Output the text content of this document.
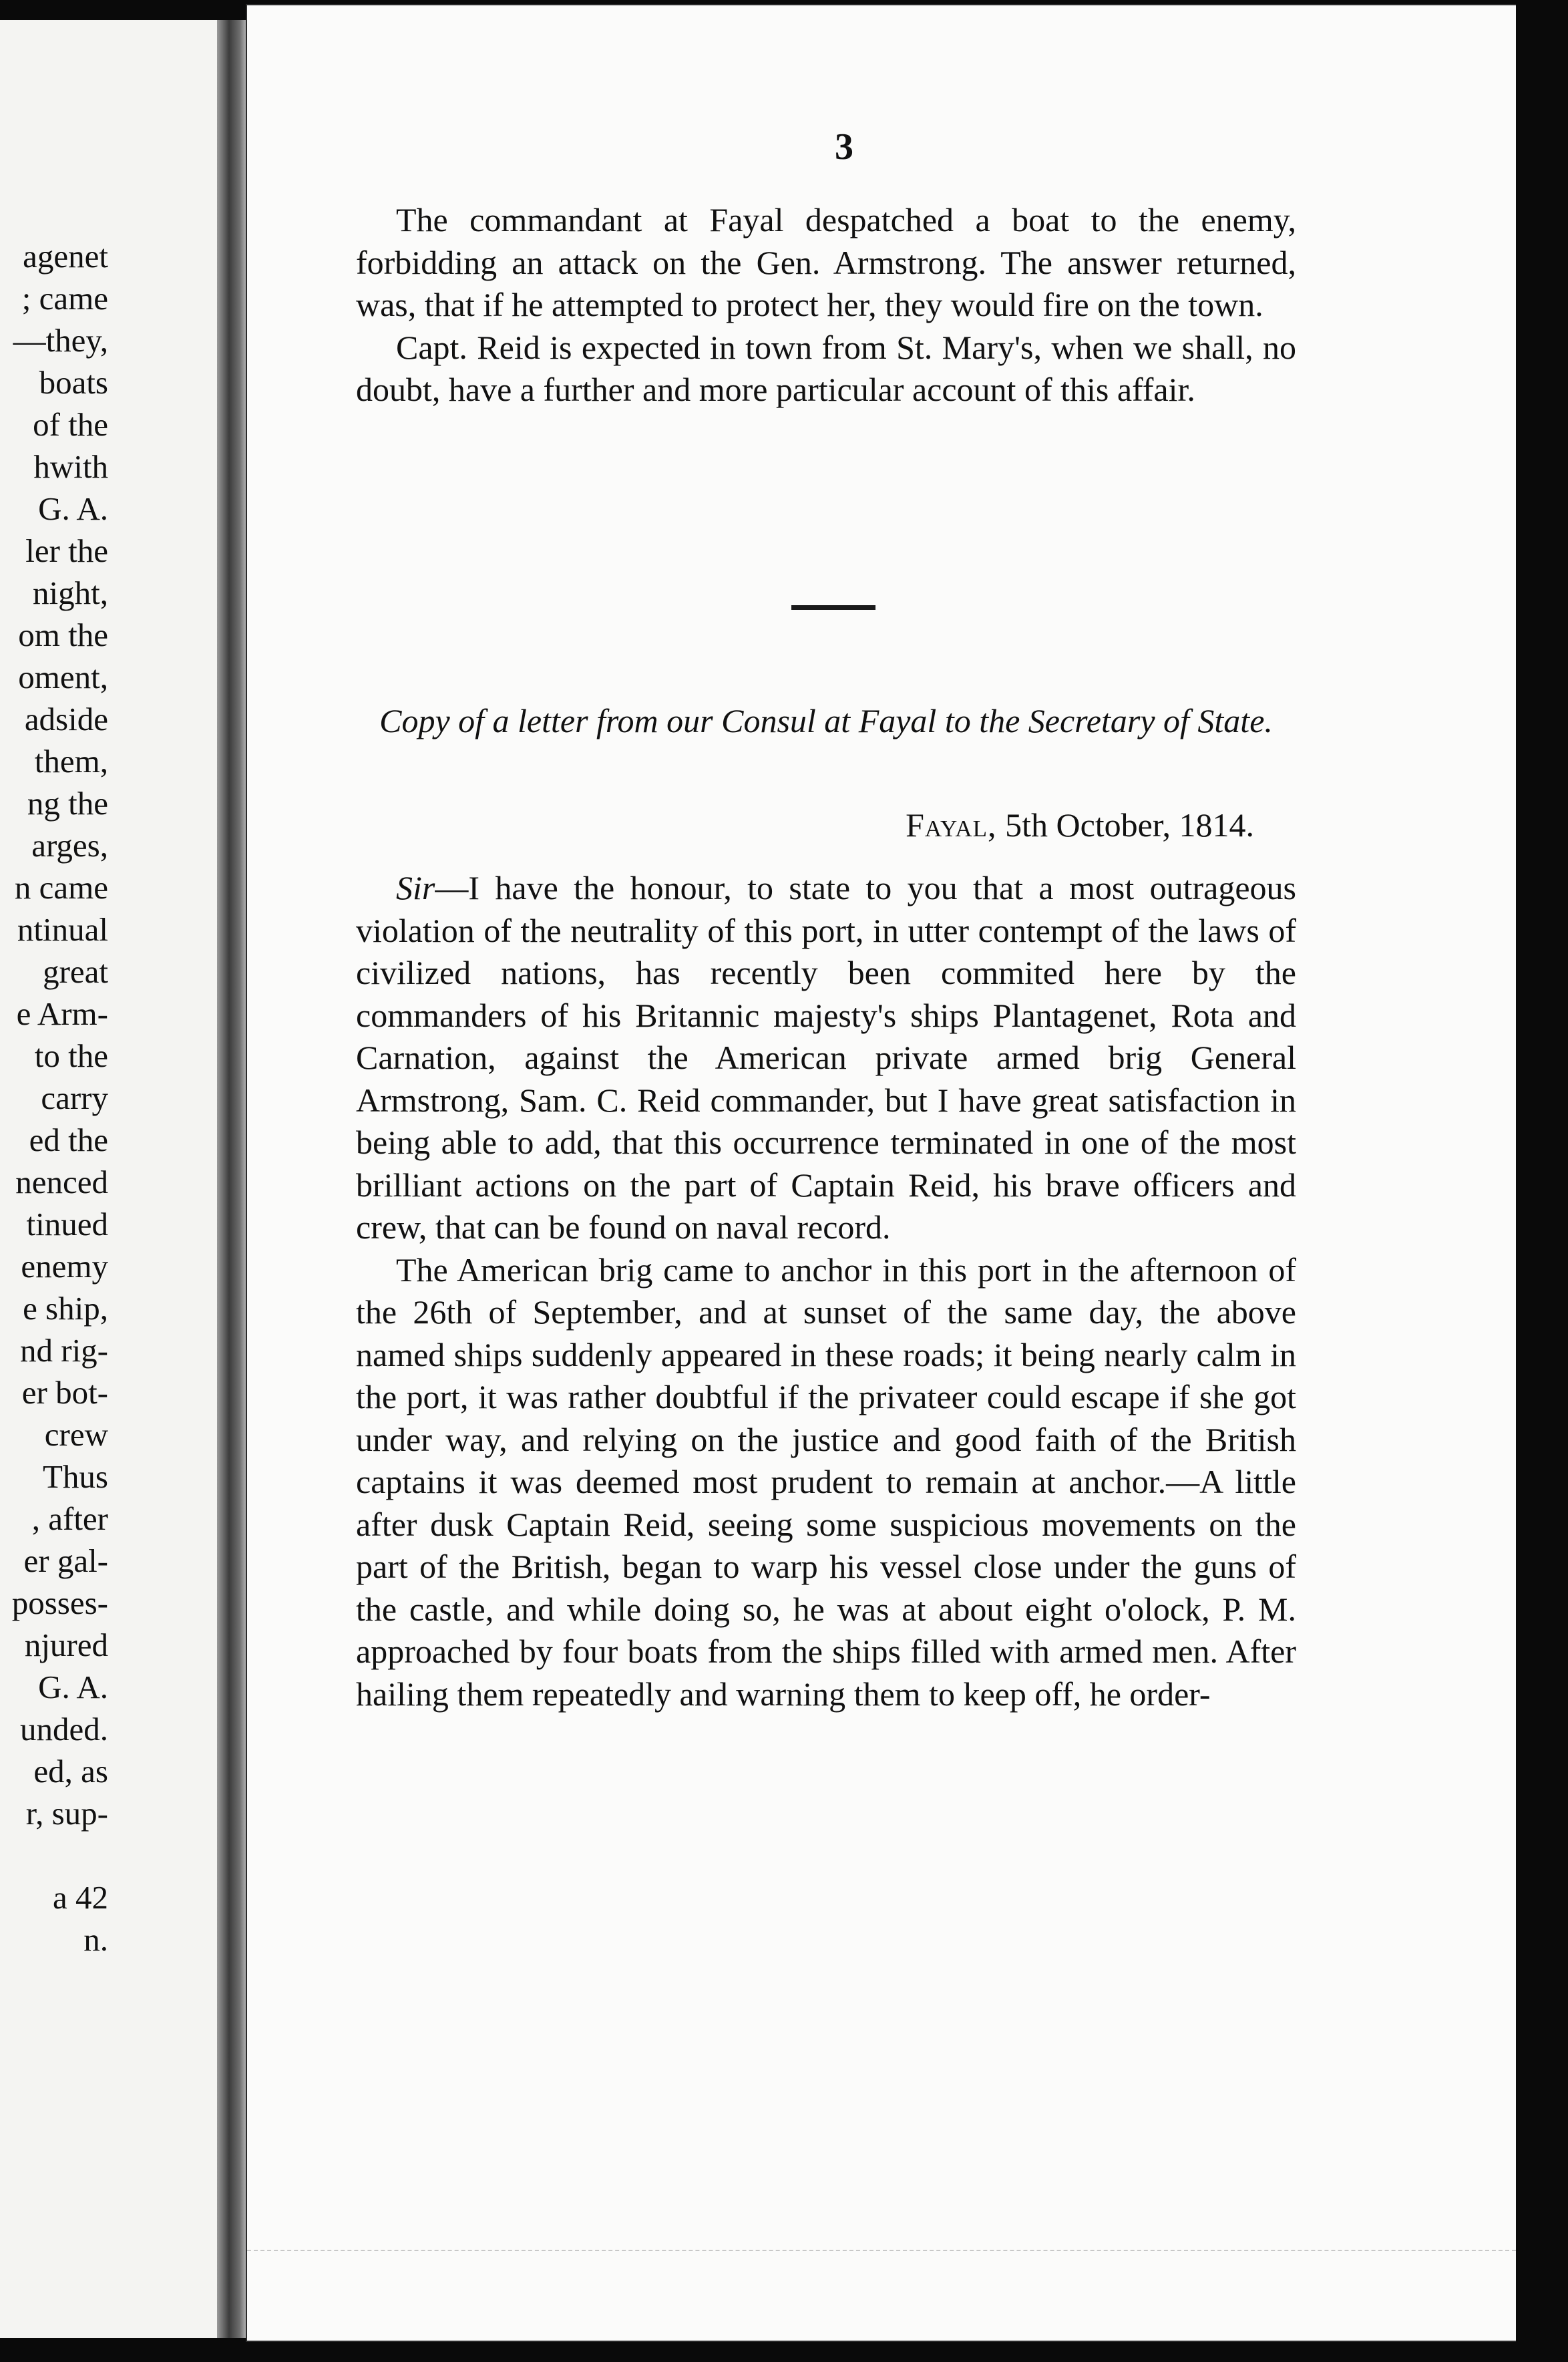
agenet
; came
—they,
boats
of the
hwith
G. A.
ler the
night,
om the
oment,
adside
them,
ng the
arges,
n came
ntinual
great
e Arm-
to the
carry
ed the
nenced
tinued
enemy
e ship,
nd rig-
er bot-
crew
Thus
, after
er gal-
posses-
njured
G. A.
unded.
ed, as
r, sup-
a 42
n.
3

The commandant at Fayal despatched a boat to the enemy, forbidding an attack on the Gen. Armstrong. The answer returned, was, that if he attempted to protect her, they would fire on the town.

Capt. Reid is expected in town from St. Mary's, when we shall, no doubt, have a further and more particular account of this affair.

Copy of a letter from our Consul at Fayal to the Secretary of State.
Fayal, 5th October, 1814.

Sir—I have the honour, to state to you that a most outrageous violation of the neutrality of this port, in utter contempt of the laws of civilized nations, has recently been commited here by the commanders of his Britannic majesty's ships Plantagenet, Rota and Carnation, against the American private armed brig General Armstrong, Sam. C. Reid commander, but I have great satisfaction in being able to add, that this occurrence terminated in one of the most brilliant actions on the part of Captain Reid, his brave officers and crew, that can be found on naval record.

The American brig came to anchor in this port in the afternoon of the 26th of September, and at sunset of the same day, the above named ships suddenly appeared in these roads; it being nearly calm in the port, it was rather doubtful if the privateer could escape if she got under way, and relying on the justice and good faith of the British captains it was deemed most prudent to remain at anchor.—A little after dusk Captain Reid, seeing some suspicious movements on the part of the British, began to warp his vessel close under the guns of the castle, and while doing so, he was at about eight o'olock, P. M. approached by four boats from the ships filled with armed men. After hailing them repeatedly and warning them to keep off, he order-
